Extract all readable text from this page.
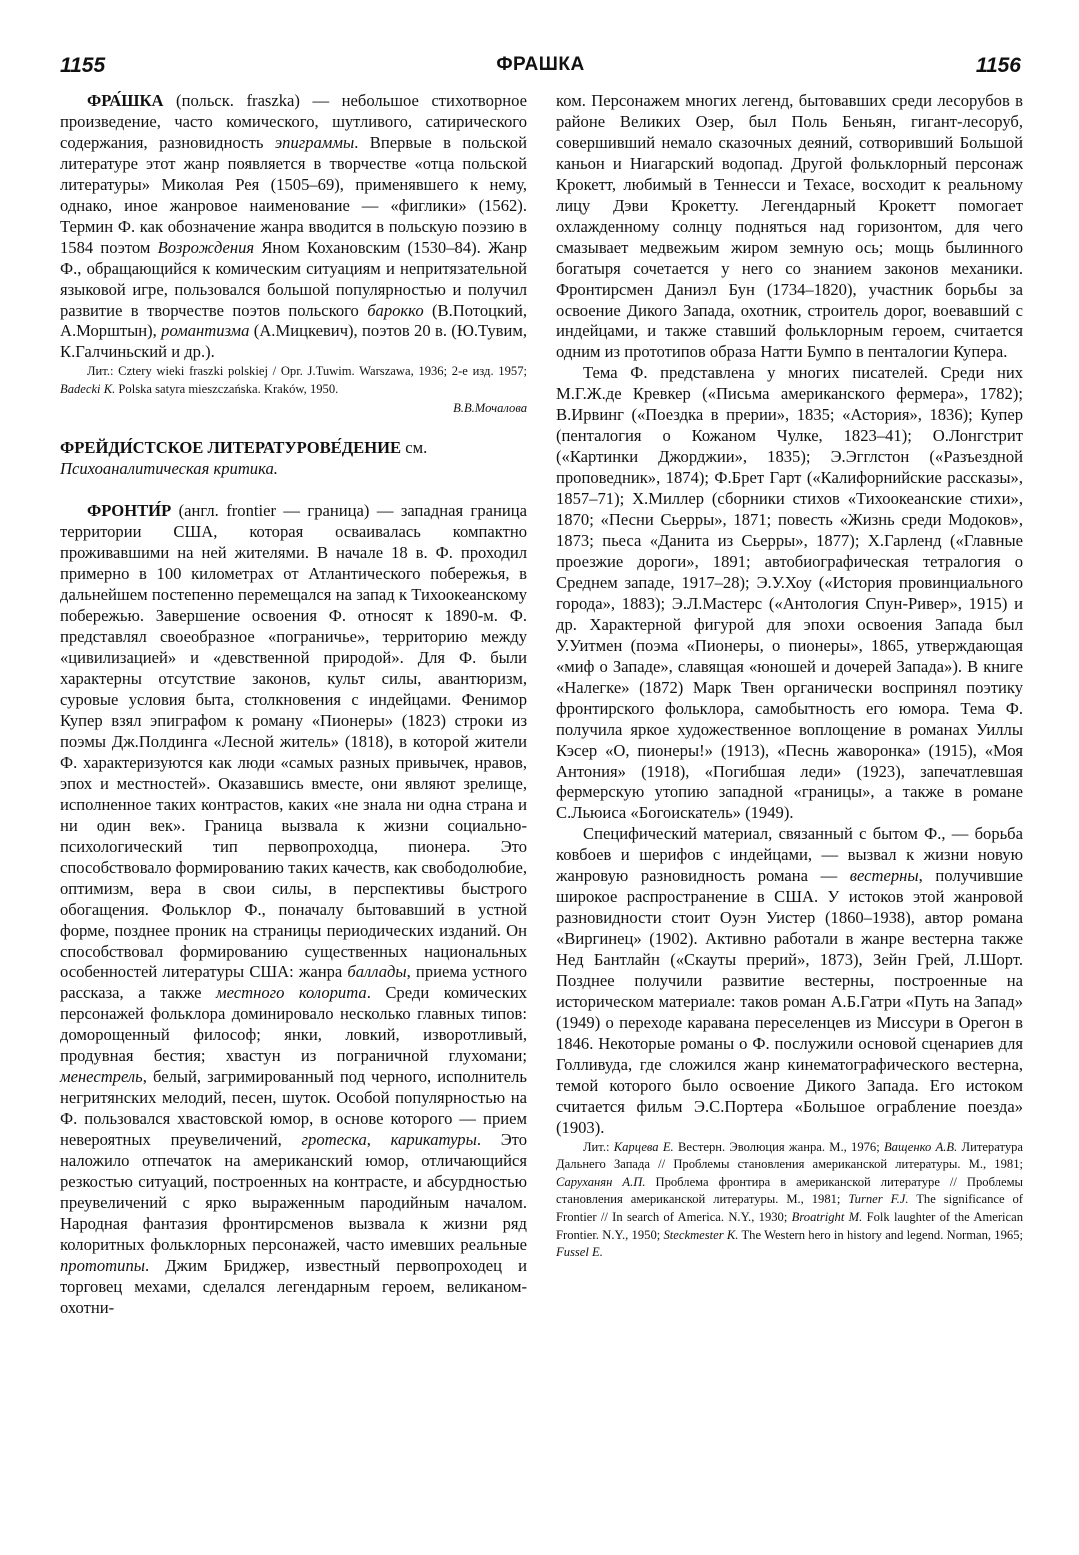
1155	ФРАШКА	1156

ФРА́ШКА (польск. fraszka) — небольшое стихотворное произведение, часто комического, шутливого, сатирического содержания, разновидность эпиграммы. Впервые в польской литературе этот жанр появляется в творчестве «отца польской литературы» Миколая Рея (1505–69), применявшего к нему, однако, иное жанровое наименование — «фиглики» (1562). Термин Ф. как обозначение жанра вводится в польскую поэзию в 1584 поэтом Возрождения Яном Кохановским (1530–84). Жанр Ф., обращающийся к комическим ситуациям и непритязательной языковой игре, пользовался большой популярностью и получил развитие в творчестве поэтов польского барокко (В.Потоцкий, А.Морштын), романтизма (А.Мицкевич), поэтов 20 в. (Ю.Тувим, К.Галчиньский и др.).

Лит.: Cztery wieki fraszki polskiej / Opr. J.Tuwim. Warszawa, 1936; 2-е изд. 1957; Badecki K. Polska satyra mieszczańska. Kraków, 1950.

В.В.Мочалова

ФРЕЙДИ́СТСКОЕ ЛИТЕРАТУРОВЕ́ДЕНИЕ см.
Психоаналитическая критика.

ФРОНТИ́Р (англ. frontier — граница) — западная граница территории США, которая осваивалась компактно проживавшими на ней жителями. В начале 18 в. Ф. проходил примерно в 100 километрах от Атлантического побережья, в дальнейшем постепенно перемещался на запад к Тихоокеанскому побережью. Завершение освоения Ф. относят к 1890-м. Ф. представлял своеобразное «пограничье», территорию между «цивилизацией» и «девственной природой». Для Ф. были характерны отсутствие законов, культ силы, авантюризм, суровые условия быта, столкновения с индейцами. Фенимор Купер взял эпиграфом к роману «Пионеры» (1823) строки из поэмы Дж.Полдинга «Лесной житель» (1818), в которой жители Ф. характеризуются как люди «самых разных привычек, нравов, эпох и местностей». Оказавшись вместе, они являют зрелище, исполненное таких контрастов, каких «не знала ни одна страна и ни один век». Граница вызвала к жизни социально-психологический тип первопроходца, пионера. Это способствовало формированию таких качеств, как свободолюбие, оптимизм, вера в свои силы, в перспективы быстрого обогащения. Фольклор Ф., поначалу бытовавший в устной форме, позднее проник на страницы периодических изданий. Он способствовал формированию существенных национальных особенностей литературы США: жанра баллады, приема устного рассказа, а также местного колорита. Среди комических персонажей фольклора доминировало несколько главных типов: доморощенный философ; янки, ловкий, изворотливый, продувная бестия; хвастун из пограничной глухомани; менестрель, белый, загримированный под черного, исполнитель негритянских мелодий, песен, шуток. Особой популярностью на Ф. пользовался хвастовской юмор, в основе которого — прием невероятных преувеличений, гротеска, карикатуры. Это наложило отпечаток на американский юмор, отличающийся резкостью ситуаций, построенных на контрасте, и абсурдностью преувеличений с ярко выраженным пародийным началом. Народная фантазия фронтирсменов вызвала к жизни ряд колоритных фольклорных персонажей, часто имевших реальные прототипы. Джим Бриджер, известный первопроходец и торговец мехами, сделался легендарным героем, великаном-охотни-

ком. Персонажем многих легенд, бытовавших среди лесорубов в районе Великих Озер, был Поль Беньян, гигант-лесоруб, совершивший немало сказочных деяний, сотворивший Большой каньон и Ниагарский водопад. Другой фольклорный персонаж Крокетт, любимый в Теннесси и Техасе, восходит к реальному лицу Дэви Крокетту. Легендарный Крокетт помогает охлажденному солнцу подняться над горизонтом, для чего смазывает медвежьим жиром земную ось; мощь былинного богатыря сочетается у него со знанием законов механики. Фронтирсмен Даниэл Бун (1734–1820), участник борьбы за освоение Дикого Запада, охотник, строитель дорог, воевавший с индейцами, и также ставший фольклорным героем, считается одним из прототипов образа Натти Бумпо в пенталогии Купера.

Тема Ф. представлена у многих писателей. Среди них М.Г.Ж.де Кревкер («Письма американского фермера», 1782); В.Ирвинг («Поездка в прерии», 1835; «Астория», 1836); Купер (пенталогия о Кожаном Чулке, 1823–41); О.Лонгстрит («Картинки Джорджии», 1835); Э.Эгглстон («Разъездной проповедник», 1874); Ф.Брет Гарт («Калифорнийские рассказы», 1857–71); Х.Миллер (сборники стихов «Тихоокеанские стихи», 1870; «Песни Сьерры», 1871; повесть «Жизнь среди Модоков», 1873; пьеса «Данита из Сьерры», 1877); Х.Гарленд («Главные проезжие дороги», 1891; автобиографическая тетралогия о Среднем западе, 1917–28); Э.У.Хоу («История провинциального города», 1883); Э.Л.Мастерс («Антология Спун-Ривер», 1915) и др. Характерной фигурой для эпохи освоения Запада был У.Уитмен (поэма «Пионеры, о пионеры», 1865, утверждающая «миф о Западе», славящая «юношей и дочерей Запада»). В книге «Налегке» (1872) Марк Твен органически воспринял поэтику фронтирского фольклора, самобытность его юмора. Тема Ф. получила яркое художественное воплощение в романах Уиллы Кэсер «О, пионеры!» (1913), «Песнь жаворонка» (1915), «Моя Антония» (1918), «Погибшая леди» (1923), запечатлевшая фермерскую утопию западной «границы», а также в романе С.Льюиса «Богоискатель» (1949).

Специфический материал, связанный с бытом Ф., — борьба ковбоев и шерифов с индейцами, — вызвал к жизни новую жанровую разновидность романа — вестерны, получившие широкое распространение в США. У истоков этой жанровой разновидности стоит Оуэн Уистер (1860–1938), автор романа «Виргинец» (1902). Активно работали в жанре вестерна также Нед Бантлайн («Скауты прерий», 1873), Зейн Грей, Л.Шорт. Позднее получили развитие вестерны, построенные на историческом материале: таков роман А.Б.Гатри «Путь на Запад» (1949) о переходе каравана переселенцев из Миссури в Орегон в 1846. Некоторые романы о Ф. послужили основой сценариев для Голливуда, где сложился жанр кинематографического вестерна, темой которого было освоение Дикого Запада. Его истоком считается фильм Э.С.Портера «Большое ограбление поезда» (1903).

Лит.: Карцева Е. Вестерн. Эволюция жанра. М., 1976; Ващенко А.В. Литература Дальнего Запада // Проблемы становления американской литературы. М., 1981; Саруханян А.П. Проблема фронтира в американской литературе // Проблемы становления американской литературы. М., 1981; Turner F.J. The significance of Frontier // In search of America. N.Y., 1930; Broatright M. Folk laughter of the American Frontier. N.Y., 1950; Steckmester K. The Western hero in history and legend. Norman, 1965; Fussel E.
